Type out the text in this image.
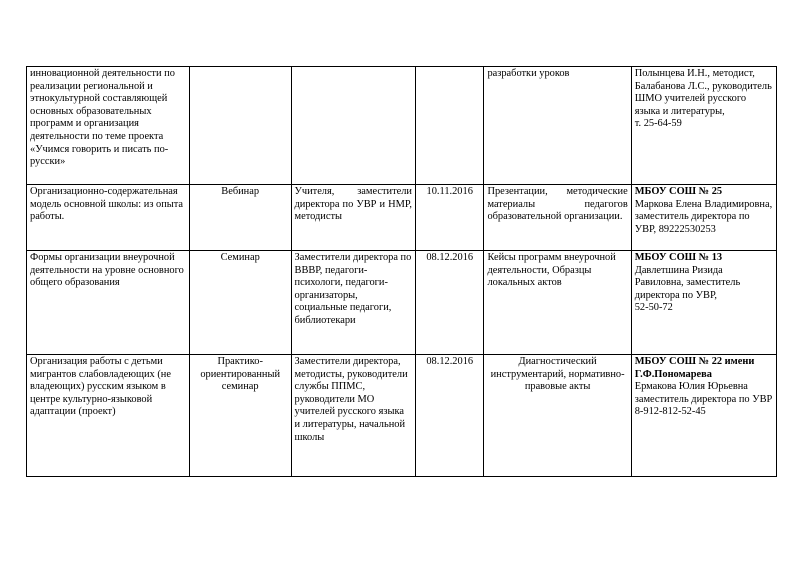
инновационной деятельности по реализации региональной и этнокультурной составляющей основных образовательных программ и организация деятельности по теме проекта «Учимся говорить и писать по-русски»				разработки уроков	Полынцева И.Н., методист, Балабанова Л.С., руководитель ШМО учителей русского языка и литературы,
т. 25-64-59

Организационно-содержательная модель основной школы: из опыта работы.	Вебинар	Учителя, заместители директора по УВР и НМР, методисты	10.11.2016	Презентации, методические материалы педагогов образовательной организации.	МБОУ СОШ № 25
Маркова Елена Владимировна, заместитель директора по УВР, 89222530253

Формы организации внеурочной деятельности на уровне основного общего образования	Семинар	Заместители директора по ВВВР, педагоги-психологи, педагоги-организаторы, социальные педагоги, библиотекари	08.12.2016	Кейсы программ внеурочной деятельности, Образцы локальных актов	МБОУ СОШ № 13
Давлетшина Ризида Равиловна, заместитель директора по УВР,
52-50-72

Организация работы с детьми мигрантов слабовладеющих (не владеющих) русским языком в центре культурно-языковой адаптации (проект)	Практико-ориентированный семинар	Заместители директора, методисты, руководители службы ППМС, руководители МО учителей русского языка и литературы, начальной школы	08.12.2016	Диагностический инструментарий, нормативно-правовые акты	МБОУ СОШ № 22 имени Г.Ф.Пономарева
Ермакова Юлия Юрьевна заместитель директора по УВР
8-912-812-52-45
